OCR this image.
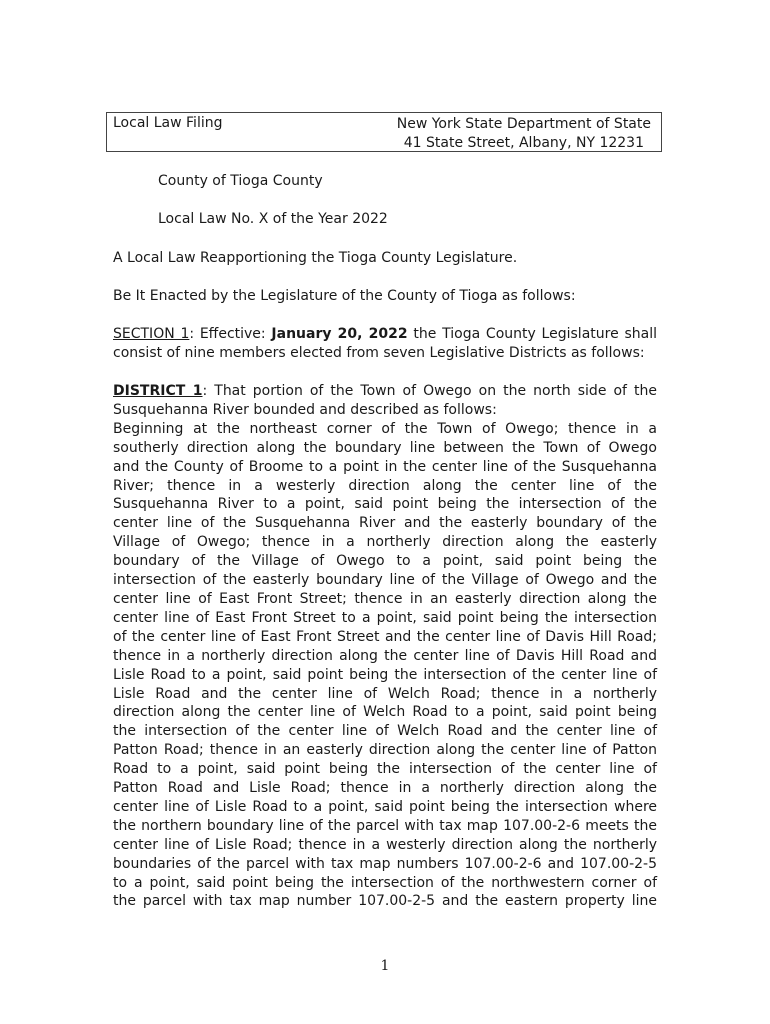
Local Law Filing	New York State Department of State
41 State Street, Albany, NY 12231
County of Tioga County
Local Law No. X of the Year 2022
A Local Law Reapportioning the Tioga County Legislature.
Be It Enacted by the Legislature of the County of Tioga as follows:
SECTION 1: Effective: January 20, 2022 the Tioga County Legislature shall
consist of nine members elected from seven Legislative Districts as follows:
DISTRICT 1: That portion of the Town of Owego on the north side of the
Susquehanna River bounded and described as follows:
Beginning at the northeast corner of the Town of Owego; thence in a
southerly direction along the boundary line between the Town of Owego
and the County of Broome to a point in the center line of the Susquehanna
River; thence in a westerly direction along the center line of the
Susquehanna River to a point, said point being the intersection of the
center line of the Susquehanna River and the easterly boundary of the
Village of Owego; thence in a northerly direction along the easterly
boundary of the Village of Owego to a point, said point being the
intersection of the easterly boundary line of the Village of Owego and the
center line of East Front Street; thence in an easterly direction along the
center line of East Front Street to a point, said point being the intersection
of the center line of East Front Street and the center line of Davis Hill Road;
thence in a northerly direction along the center line of Davis Hill Road and
Lisle Road to a point, said point being the intersection of the center line of
Lisle Road and the center line of Welch Road; thence in a northerly
direction along the center line of Welch Road to a point, said point being
the intersection of the center line of Welch Road and the center line of
Patton Road; thence in an easterly direction along the center line of Patton
Road to a point, said point being the intersection of the center line of
Patton Road and Lisle Road; thence in a northerly direction along the
center line of Lisle Road to a point, said point being the intersection where
the northern boundary line of the parcel with tax map 107.00-2-6 meets the
center line of Lisle Road; thence in a westerly direction along the northerly
boundaries of the parcel with tax map numbers 107.00-2-6 and 107.00-2-5
to a point, said point being the intersection of the northwestern corner of
the parcel with tax map number 107.00-2-5 and the eastern property line
1
